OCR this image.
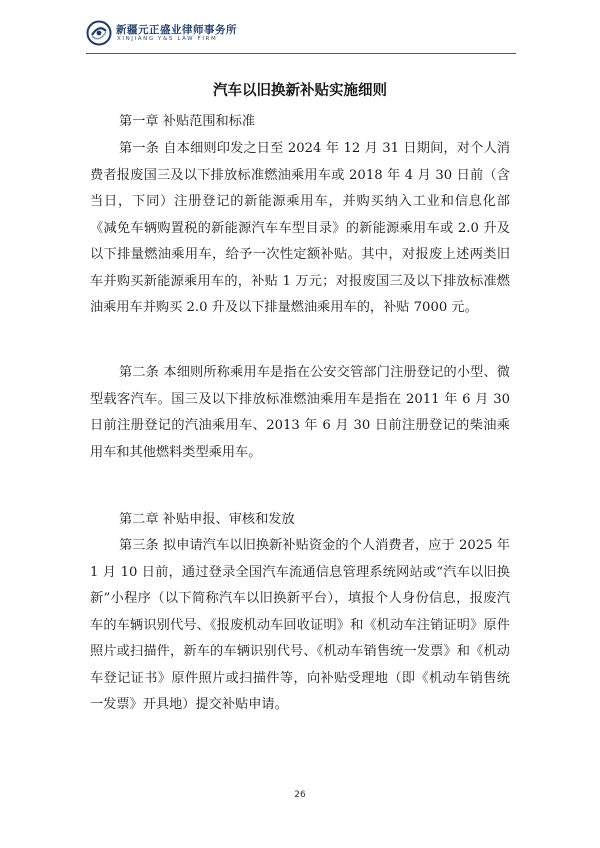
新疆元正盛业律师事务所
XINJIANG Y&S LAW FIRM
汽车以旧换新补贴实施细则

第一章 补贴范围和标准

第一条 自本细则印发之日至 2024 年 12 月 31 日期间，对个人消费者报废国三及以下排放标准燃油乘用车或 2018 年 4 月 30 日前（含当日，下同）注册登记的新能源乘用车，并购买纳入工业和信息化部《减免车辆购置税的新能源汽车车型目录》的新能源乘用车或 2.0 升及以下排量燃油乘用车，给予一次性定额补贴。其中，对报废上述两类旧车并购买新能源乘用车的，补贴 1 万元；对报废国三及以下排放标准燃油乘用车并购买 2.0 升及以下排量燃油乘用车的，补贴 7000 元。

第二条 本细则所称乘用车是指在公安交管部门注册登记的小型、微型载客汽车。国三及以下排放标准燃油乘用车是指在 2011 年 6 月 30 日前注册登记的汽油乘用车、2013 年 6 月 30 日前注册登记的柴油乘用车和其他燃料类型乘用车。

第二章 补贴申报、审核和发放

第三条 拟申请汽车以旧换新补贴资金的个人消费者，应于 2025 年 1 月 10 日前，通过登录全国汽车流通信息管理系统网站或“汽车以旧换新”小程序（以下简称汽车以旧换新平台），填报个人身份信息，报废汽车的车辆识别代号、《报废机动车回收证明》和《机动车注销证明》原件照片或扫描件，新车的车辆识别代号、《机动车销售统一发票》和《机动车登记证书》原件照片或扫描件等，向补贴受理地（即《机动车销售统一发票》开具地）提交补贴申请。

26
